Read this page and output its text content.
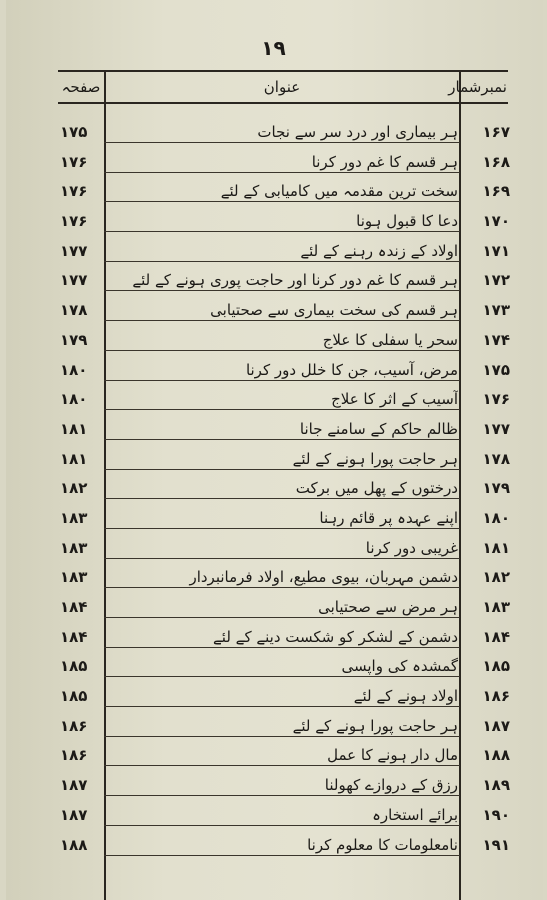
۱۹
نمبرشمار
عنوان
صفحہ
۱۶۷
ہر بیماری اور درد سر سے نجات
۱۷۵
۱۶۸
ہر قسم کا غم دور کرنا
۱۷۶
۱۶۹
سخت ترین مقدمہ میں کامیابی کے لئے
۱۷۶
۱۷۰
دعا کا قبول ہونا
۱۷۶
۱۷۱
اولاد کے زندہ رہنے کے لئے
۱۷۷
۱۷۲
ہر قسم کا غم دور کرنا اور حاجت پوری ہونے کے لئے
۱۷۷
۱۷۳
ہر قسم کی سخت بیماری سے صحتیابی
۱۷۸
۱۷۴
سحر یا سفلی کا علاج
۱۷۹
۱۷۵
مرض، آسیب، جن کا خلل دور کرنا
۱۸۰
۱۷۶
آسیب کے اثر کا علاج
۱۸۰
۱۷۷
ظالم حاکم کے سامنے جانا
۱۸۱
۱۷۸
ہر حاجت پورا ہونے کے لئے
۱۸۱
۱۷۹
درختوں کے پھل میں برکت
۱۸۲
۱۸۰
اپنے عہدہ پر قائم رہنا
۱۸۳
۱۸۱
غریبی دور کرنا
۱۸۳
۱۸۲
دشمن مہربان، بیوی مطیع، اولاد فرمانبردار
۱۸۳
۱۸۳
ہر مرض سے صحتیابی
۱۸۴
۱۸۴
دشمن کے لشکر کو شکست دینے کے لئے
۱۸۴
۱۸۵
گمشدہ کی واپسی
۱۸۵
۱۸۶
اولاد ہونے کے لئے
۱۸۵
۱۸۷
ہر حاجت پورا ہونے کے لئے
۱۸۶
۱۸۸
مال دار ہونے کا عمل
۱۸۶
۱۸۹
رزق کے دروازے کھولنا
۱۸۷
۱۹۰
برائے استخارہ
۱۸۷
۱۹۱
نامعلومات کا معلوم کرنا
۱۸۸
